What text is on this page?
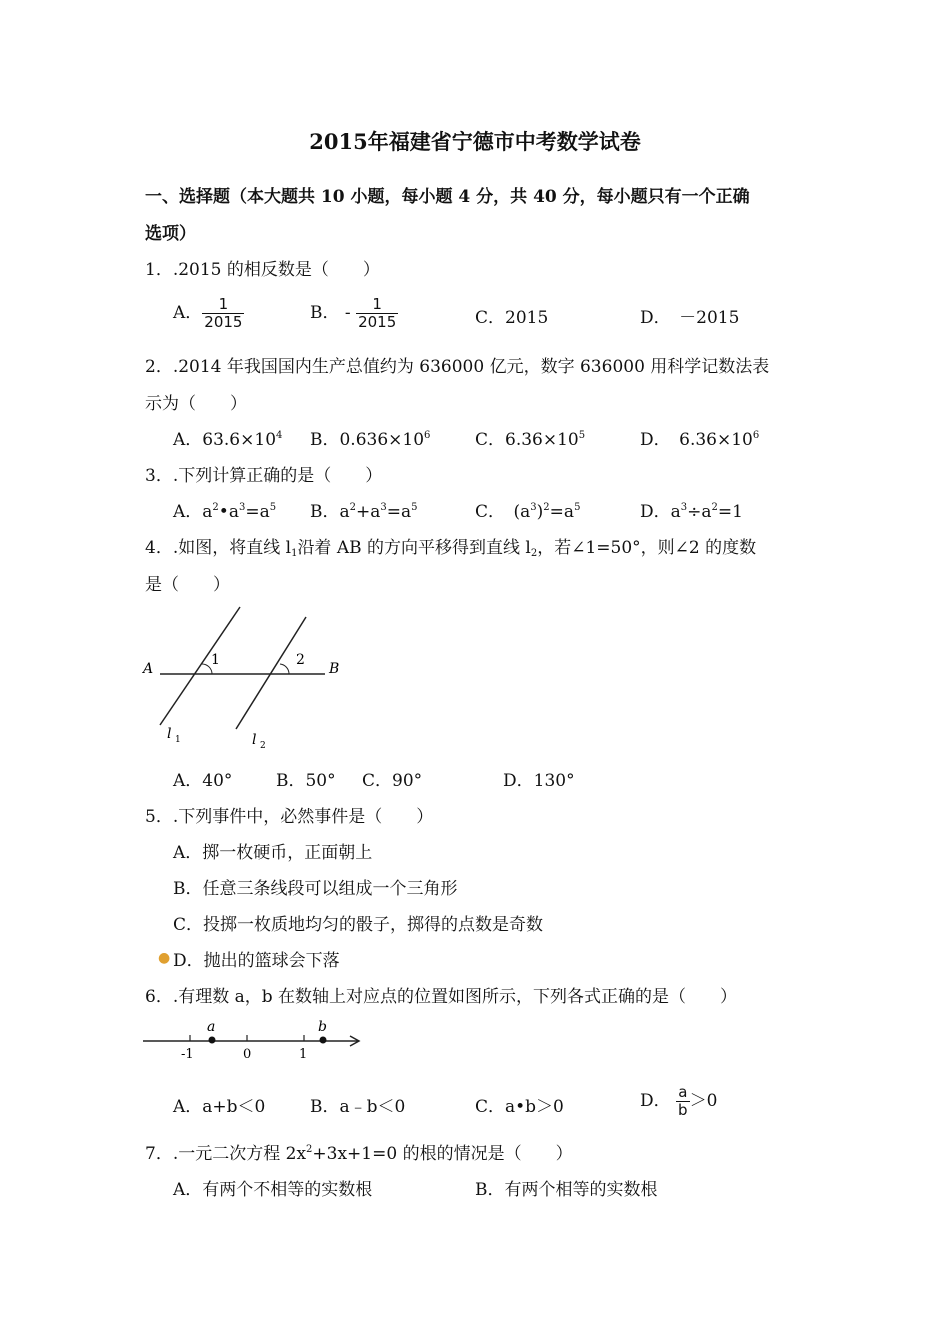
2015年福建省宁德市中考数学试卷
一、选择题（本大题共 10 小题，每小题 4 分，共 40 分，每小题只有一个正确
选项）
1．.2015 的相反数是（　　）
A． $\frac{1}{2015}$	B． - $\frac{1}{2015}$	C．2015	D．　－2015
2．.2014 年我国国内生产总值约为 636000 亿元，数字 636000 用科学记数法表
示为（　　）
A．$63.6\times 10^4$ B．$0.636\times 10^6$	C．$6.36\times 10^5$	D．　$6.36\times 10^6$
3．.下列计算正确的是（　　）
A．$a^2•a^3=a^5$ B．$a^2+a^3=a^5$	C．　$(a^3)^2=a^5$	D．$a^3\div a^2=1$
4．.如图，将直线 $l_1$沿着 AB 的方向平移得到直线 $l_2$，若∠1=50°，则∠2 的度数
是（　　）
A	B
1	2
l 1	l 2
A．40°	B．50° C．90°	D．130°
5．.下列事件中，必然事件是（　　）
A．掷一枚硬币，正面朝上
B．任意三条线段可以组成一个三角形
C．投掷一枚质地均匀的骰子，掷得的点数是奇数
● D．抛出的篮球会下落
6．.有理数 a，b 在数轴上对应点的位置如图所示，下列各式正确的是（　　）
a	b
-1	0	1
A．a+b＜0	B．a﹣b＜0	C．a•b＞0	D． $\frac{a}{b} >0$
7．.一元二次方程 $2x^2+3x+1=0$ 的根的情况是（　　）
A．有两个不相等的实数根	B．有两个相等的实数根
